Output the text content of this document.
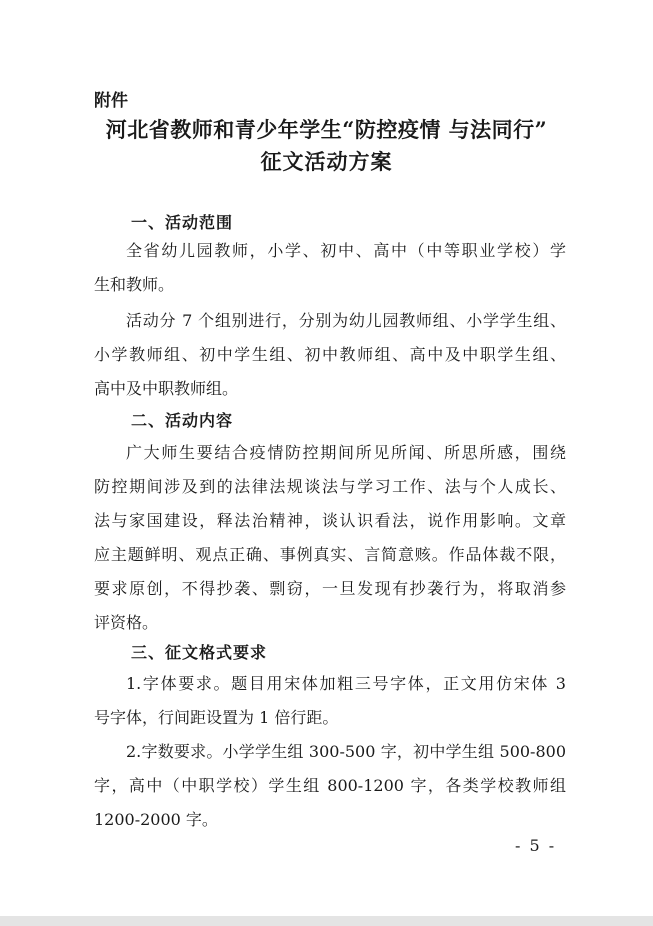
附件
河北省教师和青少年学生“防控疫情 与法同行”
征文活动方案
一、活动范围
全省幼儿园教师，小学、初中、高中（中等职业学校）学
生和教师。
活动分 7 个组别进行，分别为幼儿园教师组、小学学生组、
小学教师组、初中学生组、初中教师组、高中及中职学生组、
高中及中职教师组。
二、活动内容
广大师生要结合疫情防控期间所见所闻、所思所感，围绕
防控期间涉及到的法律法规谈法与学习工作、法与个人成长、
法与家国建设，释法治精神，谈认识看法，说作用影响。文章
应主题鲜明、观点正确、事例真实、言简意赅。作品体裁不限，
要求原创，不得抄袭、剽窃，一旦发现有抄袭行为，将取消参
评资格。
三、征文格式要求
1.字体要求。题目用宋体加粗三号字体，正文用仿宋体 3
号字体，行间距设置为 1 倍行距。
2.字数要求。小学学生组 300-500 字，初中学生组 500-800
字，高中（中职学校）学生组 800-1200 字，各类学校教师组
1200-2000 字。
- 5 -
